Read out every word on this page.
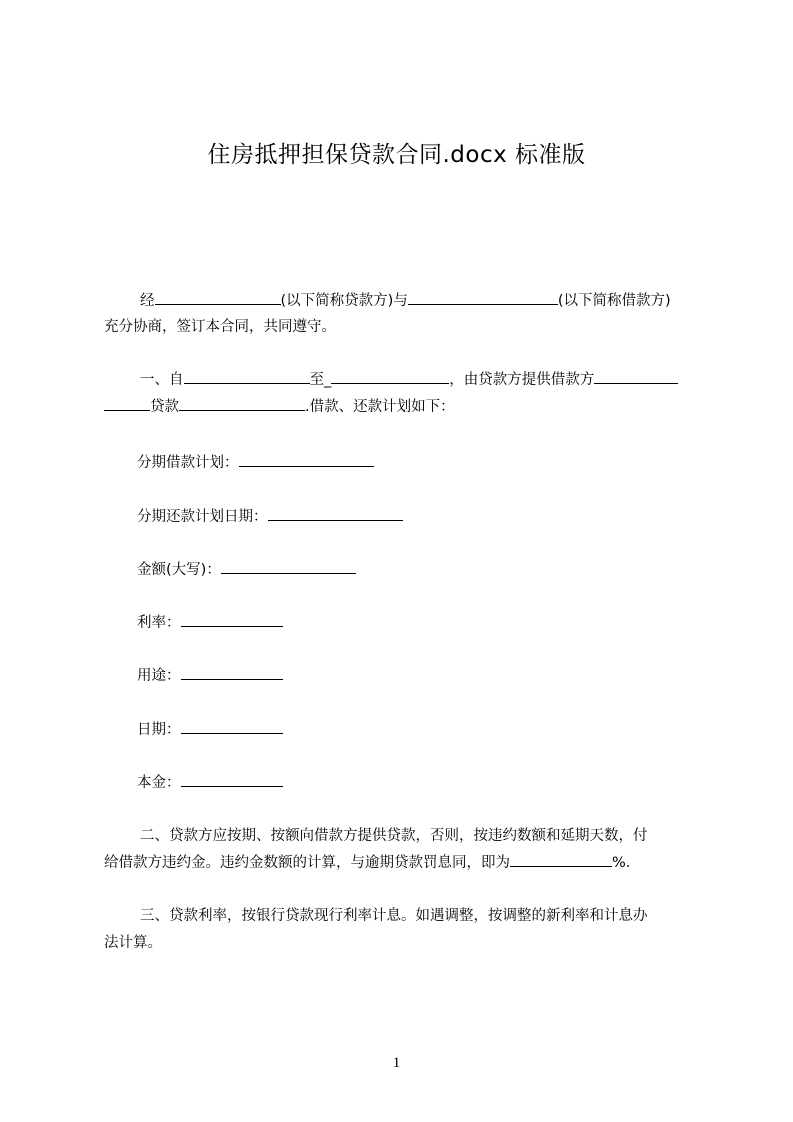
住房抵押担保贷款合同.docx 标准版
经	(以下简称贷款方)与	(以下简称借款方)
充分协商，签订本合同，共同遵守。
一、自	至_	，由贷款方提供借款方
贷款	.借款、还款计划如下：
分期借款计划：
分期还款计划日期：
金额(大写)：
利率：
用途：
日期：
本金：
二、贷款方应按期、按额向借款方提供贷款，否则，按违约数额和延期天数，付
给借款方违约金。违约金数额的计算，与逾期贷款罚息同，即为	%.
三、贷款利率，按银行贷款现行利率计息。如遇调整，按调整的新利率和计息办
法计算。
1
